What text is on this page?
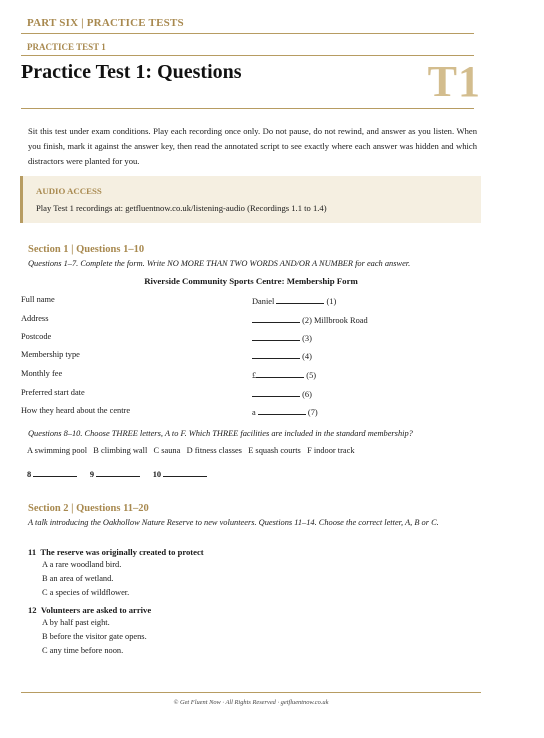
PART SIX | PRACTICE TESTS
PRACTICE TEST 1
Practice Test 1: Questions	T1
Sit this test under exam conditions. Play each recording once only. Do not pause, do not rewind, and answer as you listen. When you finish, mark it against the answer key, then read the annotated script to see exactly where each answer was hidden and which distractors were planted for you.
AUDIO ACCESS
Play Test 1 recordings at: getfluentnow.co.uk/listening-audio (Recordings 1.1 to 1.4)
Section 1 | Questions 1–10
Questions 1–7. Complete the form. Write NO MORE THAN TWO WORDS AND/OR A NUMBER for each answer.
Riverside Community Sports Centre: Membership Form
Full name	Daniel	(1)
Address	(2) Millbrook Road
Postcode	(3)
Membership type	(4)
Monthly fee	£	(5)
Preferred start date	(6)
How they heard about the centre	a	(7)
Questions 8–10. Choose THREE letters, A to F. Which THREE facilities are included in the standard membership?
A swimming pool   B climbing wall   C sauna   D fitness classes   E squash courts   F indoor track
8	9	10
Section 2 | Questions 11–20
A talk introducing the Oakhollow Nature Reserve to new volunteers. Questions 11–14. Choose the correct letter, A, B or C.
11 The reserve was originally created to protect
A a rare woodland bird.
B an area of wetland.
C a species of wildflower.
12 Volunteers are asked to arrive
A by half past eight.
B before the visitor gate opens.
C any time before noon.
© Get Fluent Now · All Rights Reserved · getfluentnow.co.uk
